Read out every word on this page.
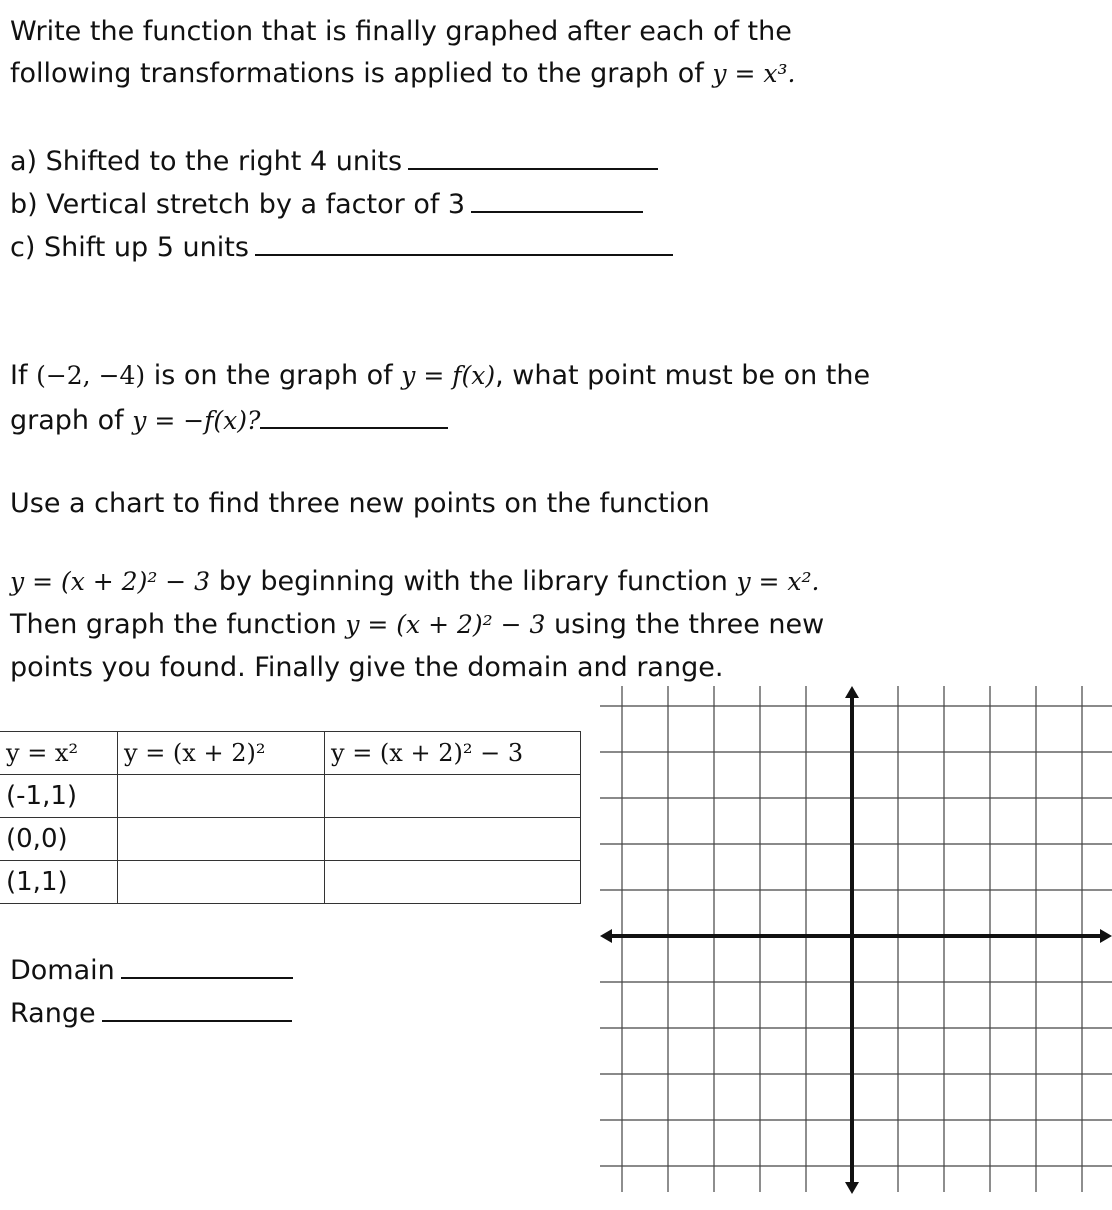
Write the function that is finally graphed after each of the
following transformations is applied to the graph of y = x³.
a) Shifted to the right 4 units
b) Vertical stretch by a factor of 3
c) Shift up 5 units
If (−2, −4) is on the graph of y = f(x), what point must be on the
graph of y = −f(x)?
Use a chart to find three new points on the function
y = (x + 2)² − 3 by beginning with the library function y = x².
Then graph the function y = (x + 2)² − 3 using the three new
points you found. Finally give the domain and range.
y = x²	y = (x + 2)²	y = (x + 2)² − 3
(-1,1)		
(0,0)		
(1,1)		
Domain
Range
